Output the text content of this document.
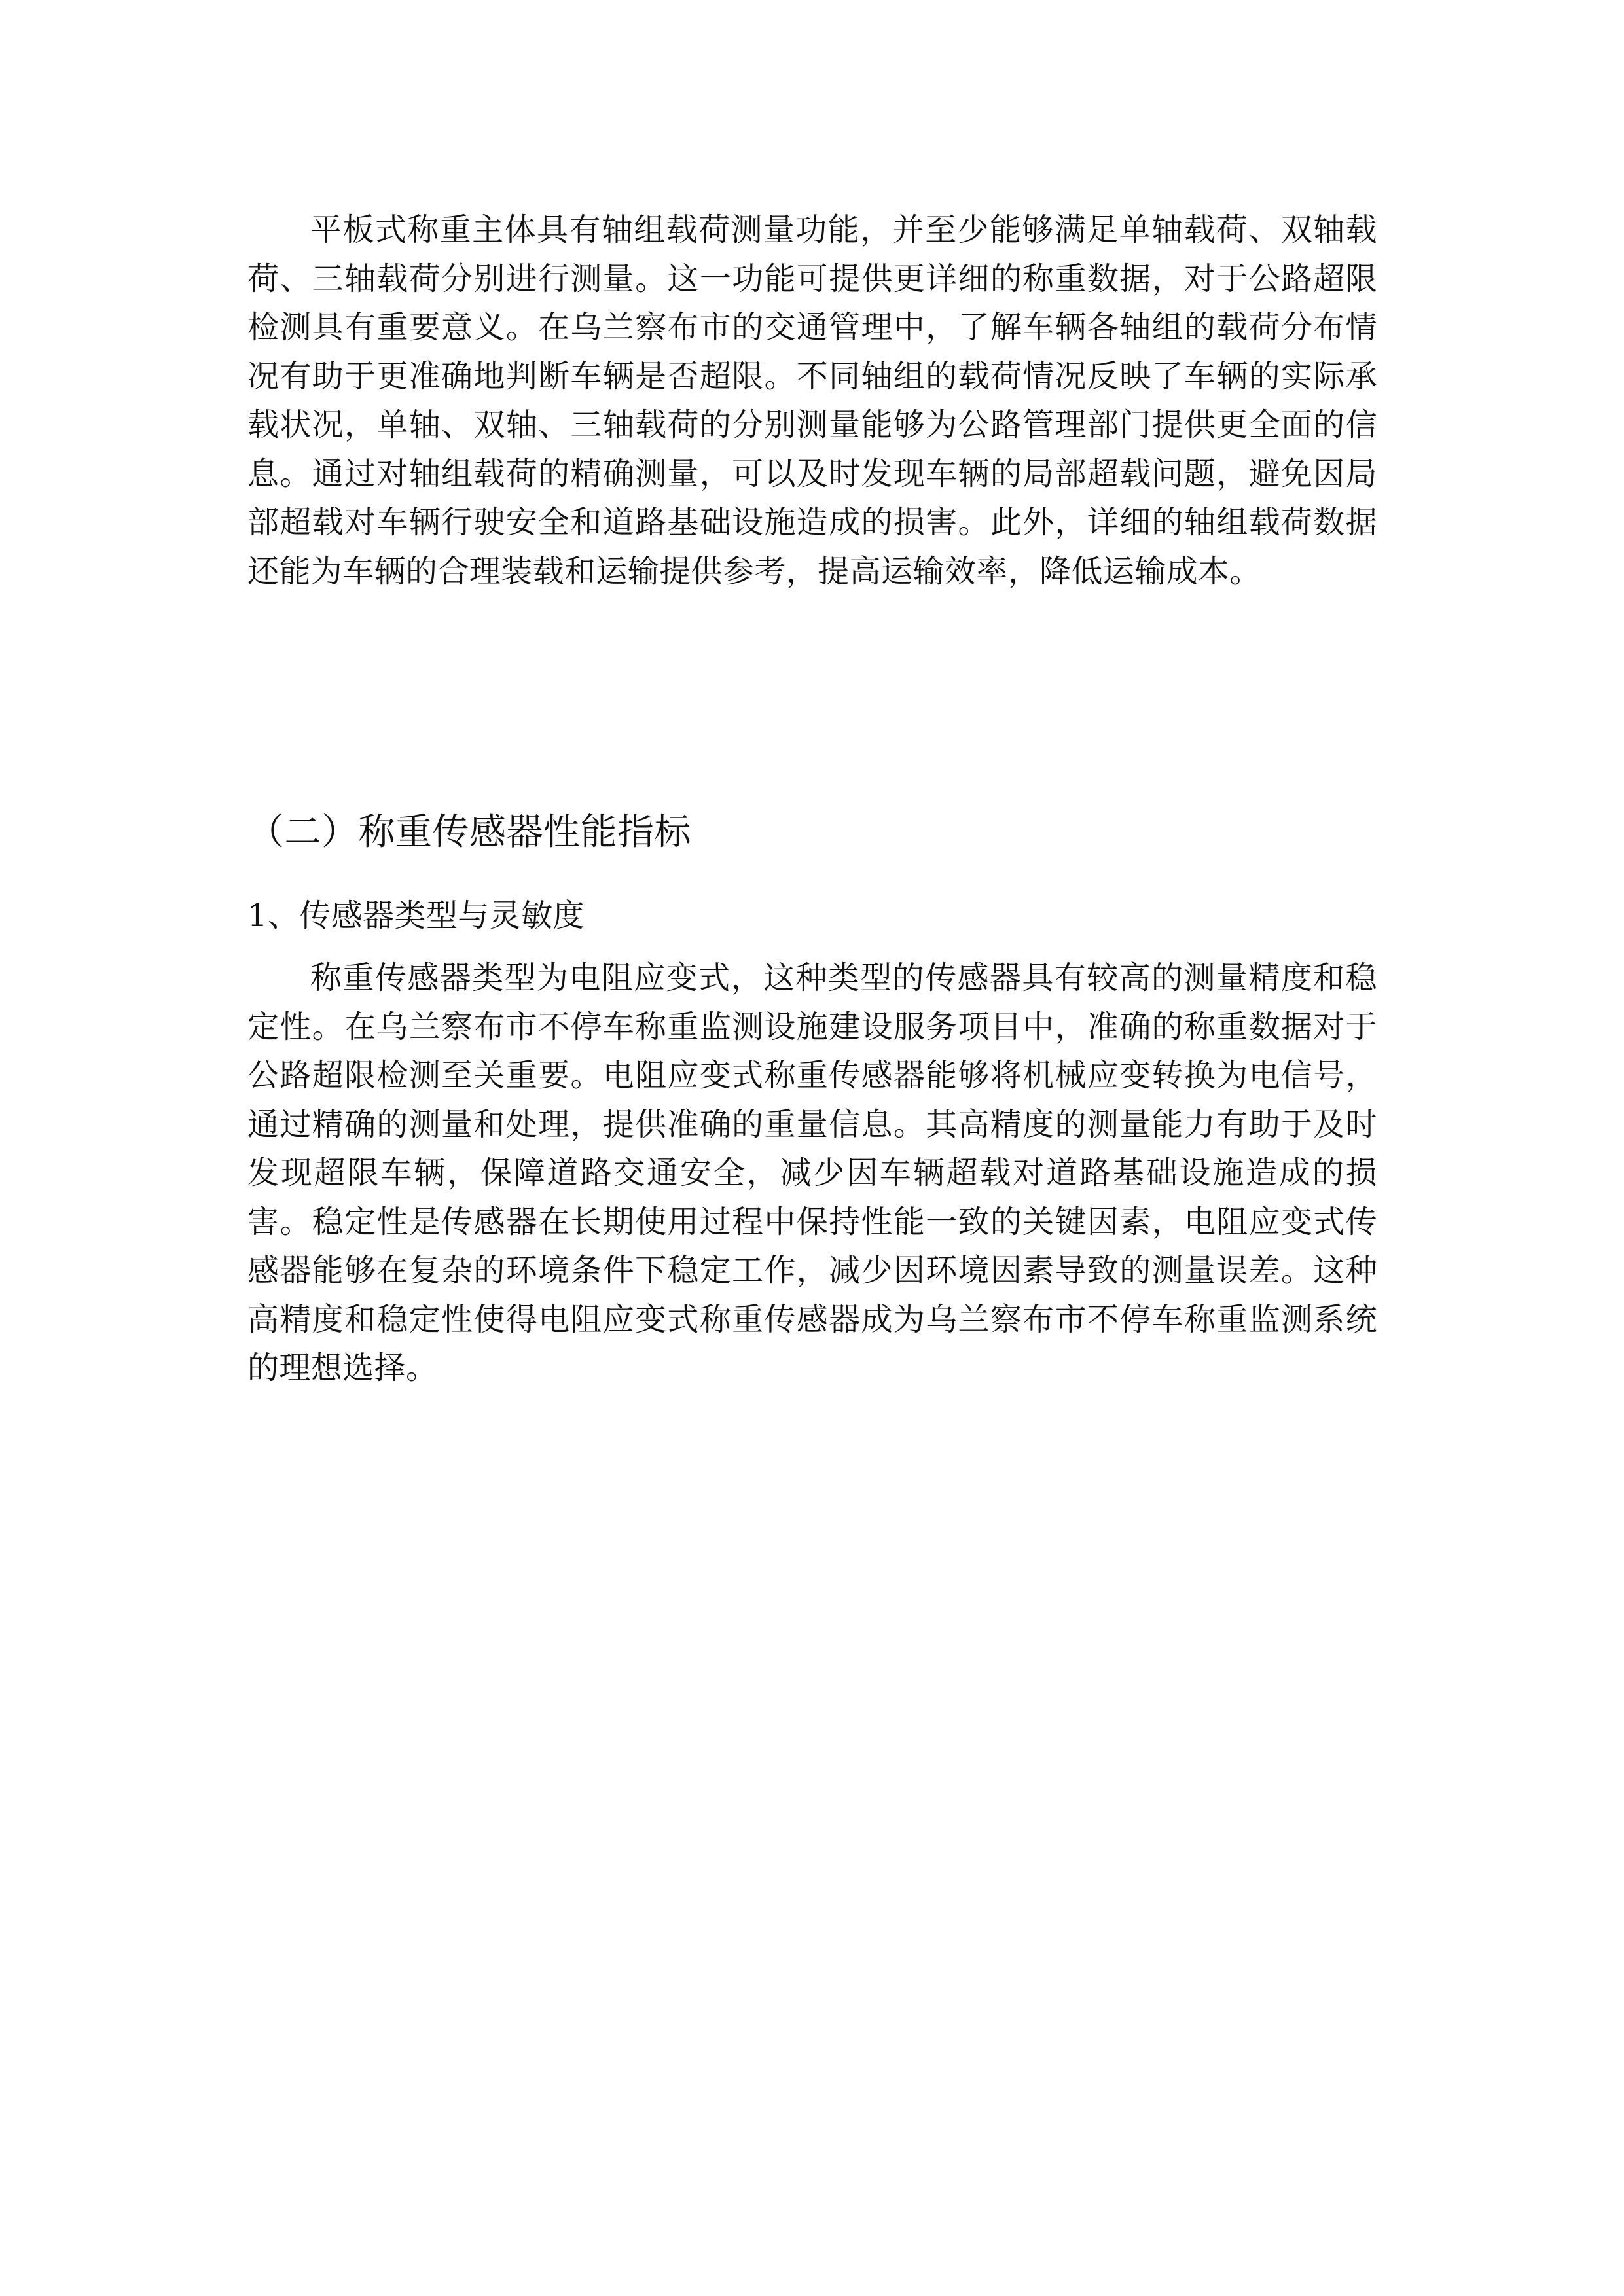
平板式称重主体具有轴组载荷测量功能，并至少能够满足单轴载荷、双轴载荷、三轴载荷分别进行测量。这一功能可提供更详细的称重数据，对于公路超限检测具有重要意义。在乌兰察布市的交通管理中，了解车辆各轴组的载荷分布情况有助于更准确地判断车辆是否超限。不同轴组的载荷情况反映了车辆的实际承载状况，单轴、双轴、三轴载荷的分别测量能够为公路管理部门提供更全面的信息。通过对轴组载荷的精确测量，可以及时发现车辆的局部超载问题，避免因局部超载对车辆行驶安全和道路基础设施造成的损害。此外，详细的轴组载荷数据还能为车辆的合理装载和运输提供参考，提高运输效率，降低运输成本。

（二）称重传感器性能指标
1、传感器类型与灵敏度

称重传感器类型为电阻应变式，这种类型的传感器具有较高的测量精度和稳定性。在乌兰察布市不停车称重监测设施建设服务项目中，准确的称重数据对于公路超限检测至关重要。电阻应变式称重传感器能够将机械应变转换为电信号，通过精确的测量和处理，提供准确的重量信息。其高精度的测量能力有助于及时发现超限车辆，保障道路交通安全，减少因车辆超载对道路基础设施造成的损害。稳定性是传感器在长期使用过程中保持性能一致的关键因素，电阻应变式传感器能够在复杂的环境条件下稳定工作，减少因环境因素导致的测量误差。这种高精度和稳定性使得电阻应变式称重传感器成为乌兰察布市不停车称重监测系统的理想选择。
